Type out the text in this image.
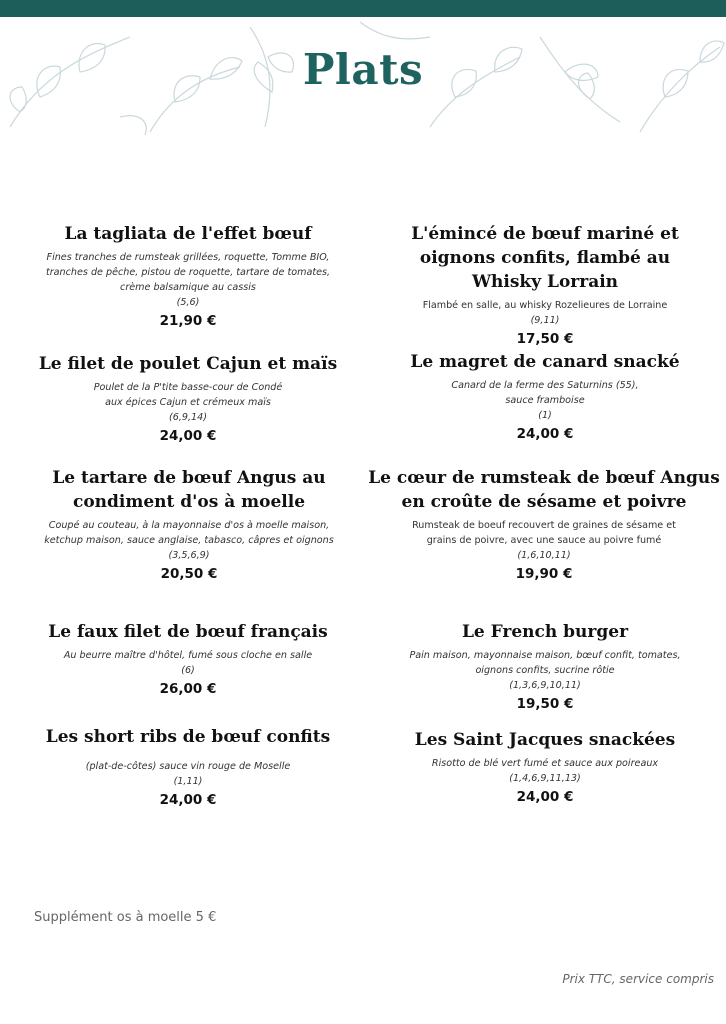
Plats
La tagliata de l'effet bœuf
Fines tranches de rumsteak grillées, roquette, Tomme BIO,
tranches de pêche, pistou de roquette, tartare de tomates,
crème balsamique au cassis
(5,6)
21,90 €
Le filet de poulet Cajun et maïs
Poulet de la P'tite basse-cour de Condé
aux épices Cajun et crémeux maïs
(6,9,14)
24,00 €
Le tartare de bœuf Angus au condiment d'os à moelle
Coupé au couteau, à la mayonnaise d'os à moelle maison,
ketchup maison, sauce anglaise, tabasco, câpres et oignons
(3,5,6,9)
20,50 €
Le faux filet de bœuf français
Au beurre maître d'hôtel, fumé sous cloche en salle
(6)
26,00 €
Les short ribs de bœuf confits
(plat-de-côtes) sauce vin rouge de Moselle
(1,11)
24,00 €
L'émincé de bœuf mariné et oignons confits, flambé au Whisky Lorrain
Flambé en salle, au whisky Rozelieures de Lorraine
(9,11)
17,50 €
Le magret de canard snacké
Canard de la ferme des Saturnins (55),
sauce framboise
(1)
24,00 €
Le cœur de rumsteak de bœuf Angus en croûte de sésame et poivre
Rumsteak de boeuf recouvert de graines de sésame et
grains de poivre, avec une sauce au poivre fumé
(1,6,10,11)
19,90 €
Le French burger
Pain maison, mayonnaise maison, bœuf confit, tomates,
oignons confits, sucrine rôtie
(1,3,6,9,10,11)
19,50 €
Les Saint Jacques snackées
Risotto de blé vert fumé et sauce aux poireaux
(1,4,6,9,11,13)
24,00 €
Supplément os à moelle 5 €
Prix TTC, service compris
